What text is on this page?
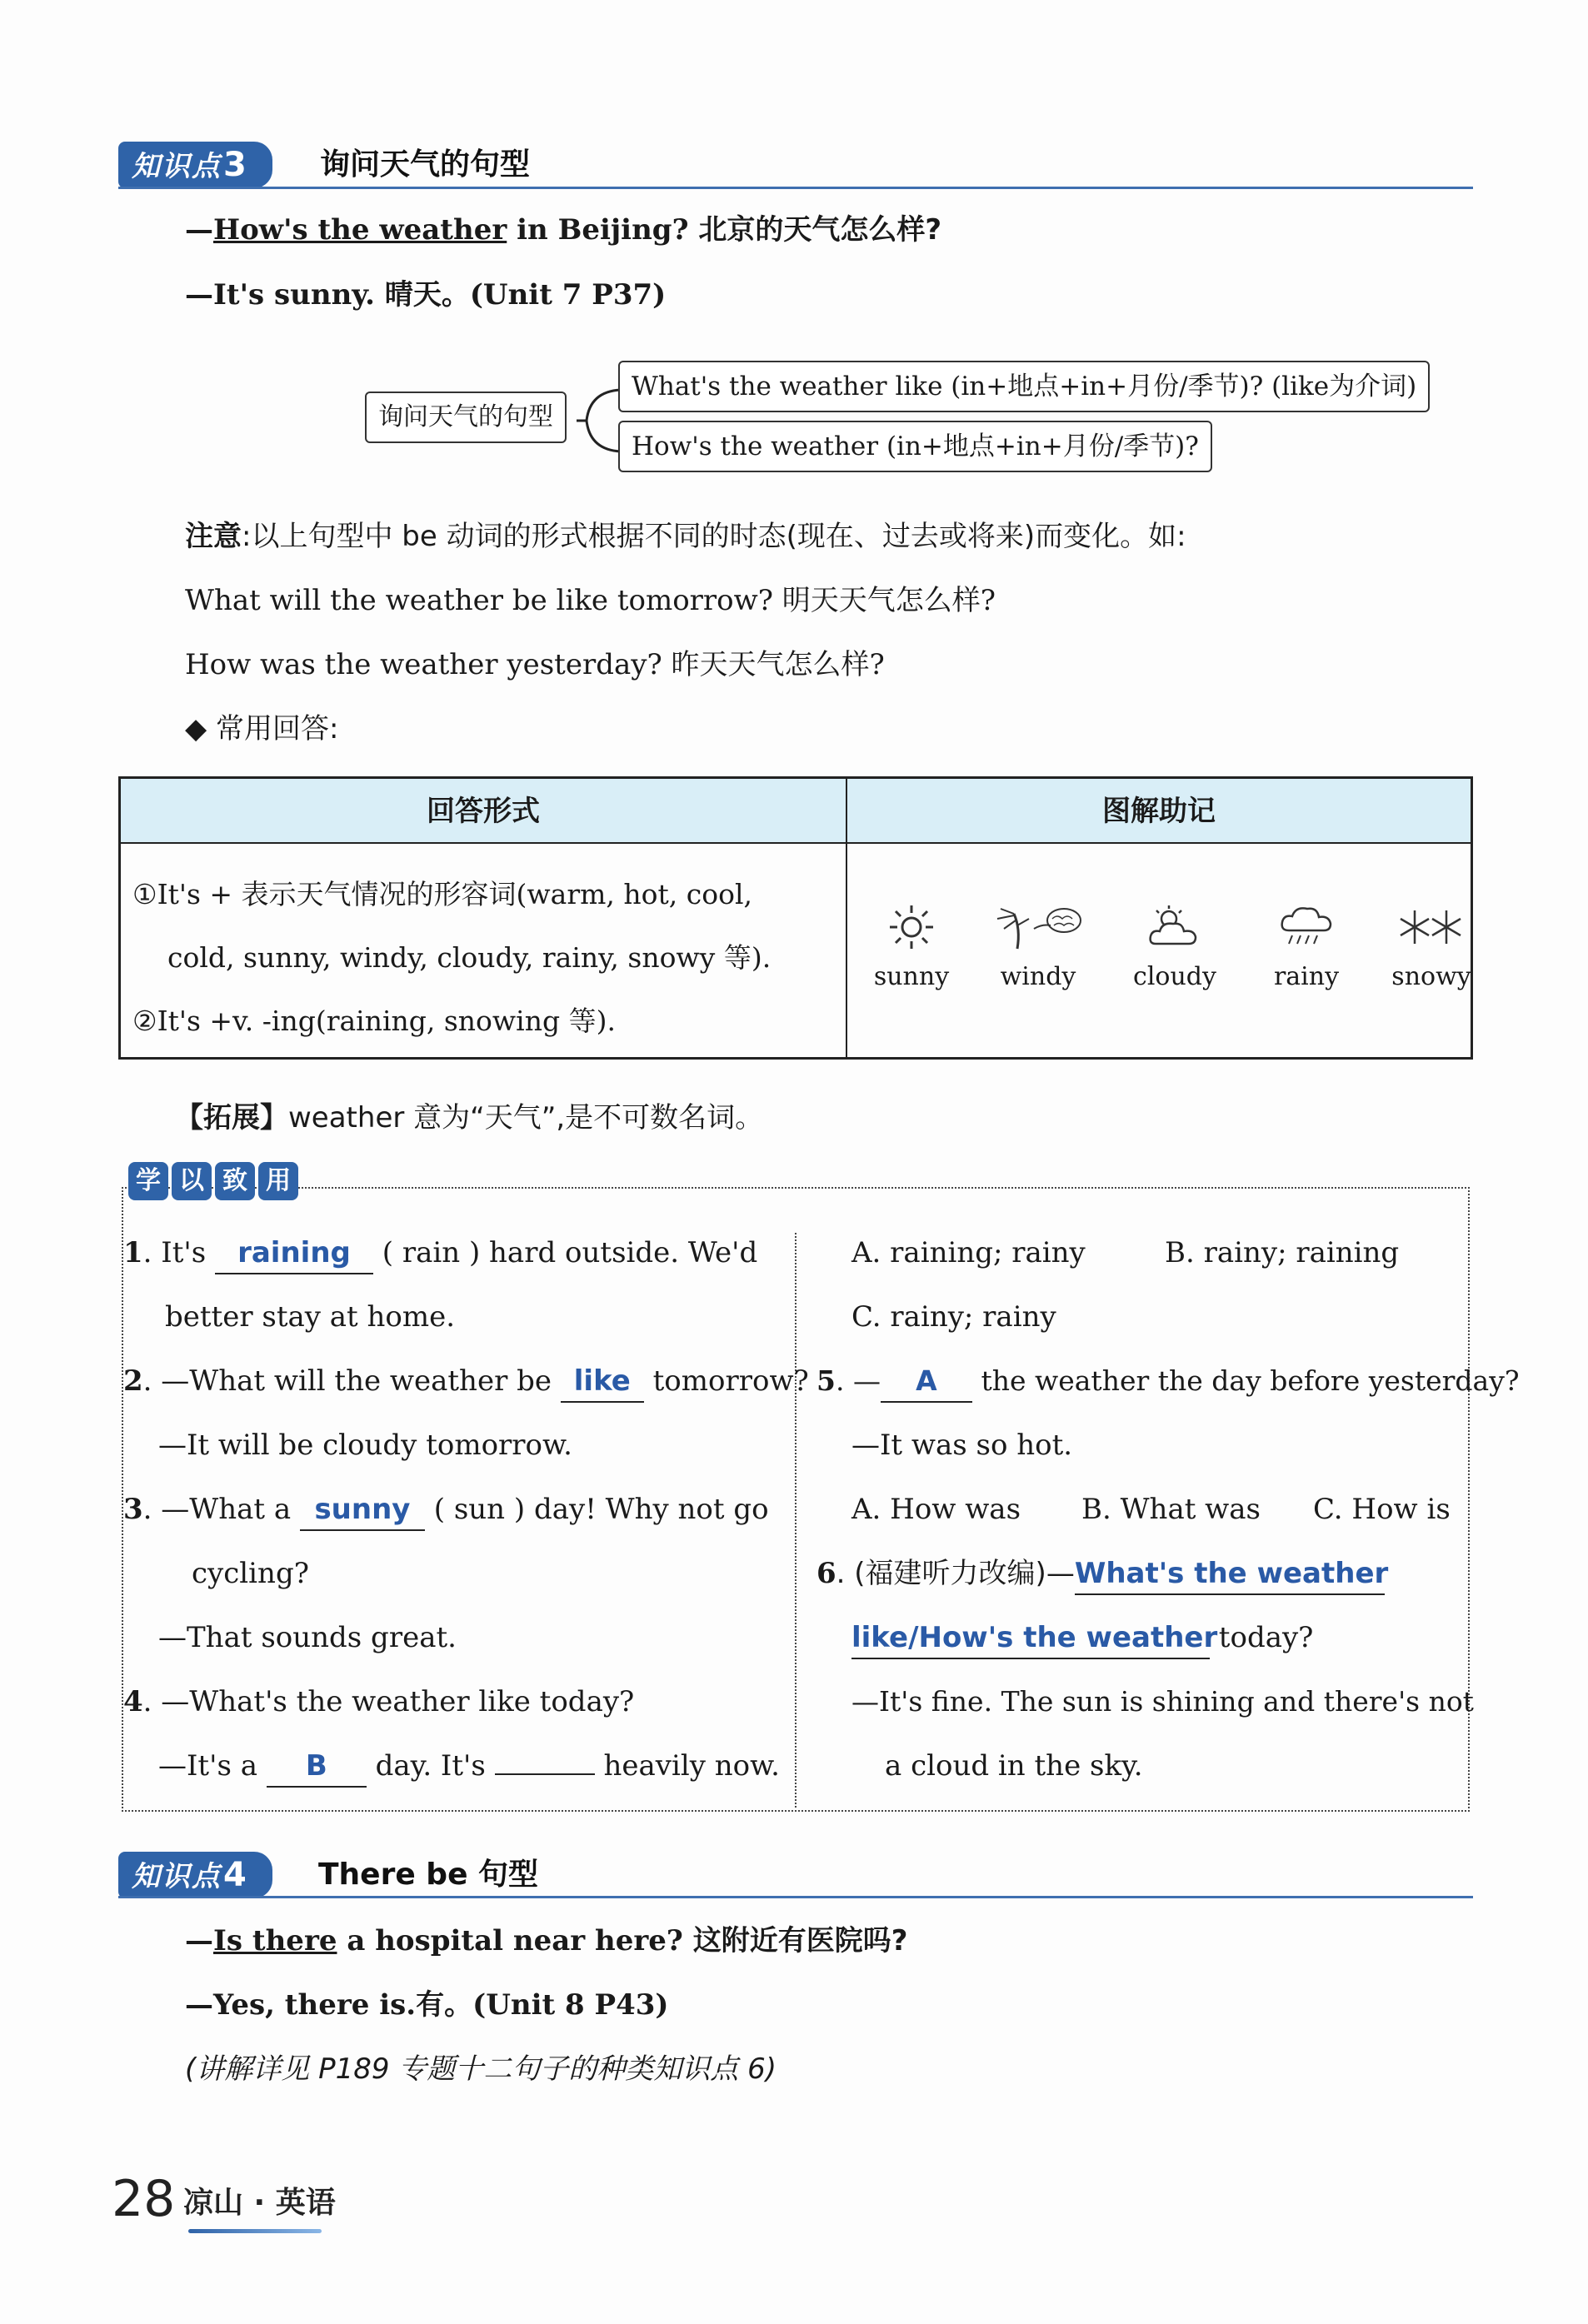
知识点3	询问天气的句型
—How's the weather in Beijing? 北京的天气怎么样?
—It's sunny. 晴天。(Unit 7 P37)
询问天气的句型
What's the weather like (in+地点+in+月份/季节)? (like为介词)
How's the weather (in+地点+in+月份/季节)?
注意:以上句型中 be 动词的形式根据不同的时态(现在、过去或将来)而变化。如:
What will the weather be like tomorrow? 明天天气怎么样?
How was the weather yesterday? 昨天天气怎么样?
◆ 常用回答:
回答形式	图解助记
①It's + 表示天气情况的形容词(warm, hot, cool,
cold, sunny, windy, cloudy, rainy, snowy 等).
②It's +v. -ing(raining, snowing 等).
sunny	windy	cloudy	rainy	snowy
【拓展】weather 意为“天气”,是不可数名词。
学 以 致 用
1. It's raining ( rain ) hard outside. We'd
better stay at home.
2. —What will the weather be like tomorrow?
—It will be cloudy tomorrow.
3. —What a sunny ( sun ) day! Why not go
cycling?
—That sounds great.
4. —What's the weather like today?
—It's a B day. It's	heavily now.
A. raining; rainy	B. rainy; raining
C. rainy; rainy
5. — A the weather the day before yesterday?
—It was so hot.
A. How was B. What was C. How is
6. (福建听力改编)—What's the weather
like/How's the weather today?
—It's fine. The sun is shining and there's not
a cloud in the sky.
知识点4	There be 句型
—Is there a hospital near here? 这附近有医院吗?
—Yes, there is.有。(Unit 8 P43)
(讲解详见 P189 专题十二句子的种类知识点 6)
28 凉山 · 英语
